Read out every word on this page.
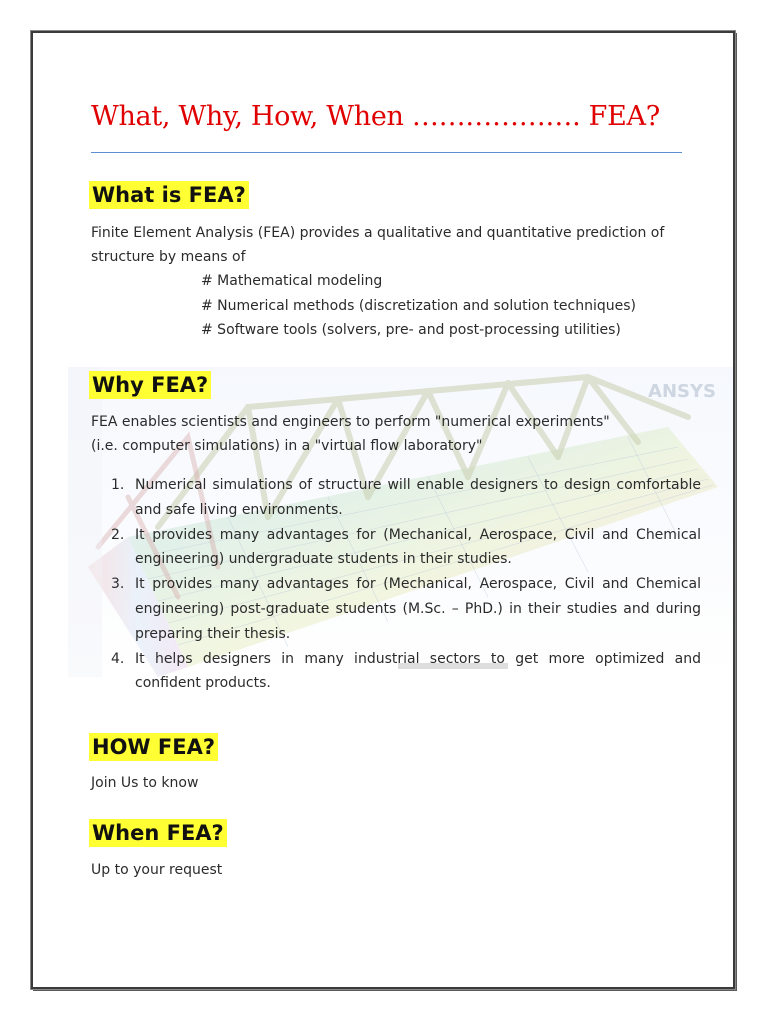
What, Why, How, When ………………. FEA?
What is FEA?
Finite Element Analysis (FEA) provides a qualitative and quantitative prediction of structure by means of
# Mathematical modeling
# Numerical methods (discretization and solution techniques)
# Software tools (solvers, pre- and post-processing utilities)
ANSYS
Why FEA?
FEA enables scientists and engineers to perform "numerical experiments"
(i.e. computer simulations) in a "virtual flow laboratory"
1. Numerical simulations of structure will enable designers to design comfortable and safe living environments.
2. It provides many advantages for (Mechanical, Aerospace, Civil and Chemical engineering) undergraduate students in their studies.
3. It provides many advantages for (Mechanical, Aerospace, Civil and Chemical engineering) post-graduate students (M.Sc. – PhD.) in their studies and during preparing their thesis.
4. It helps designers in many industrial sectors to get more optimized and confident products.
HOW FEA?
Join Us to know
When FEA?
Up to your request
